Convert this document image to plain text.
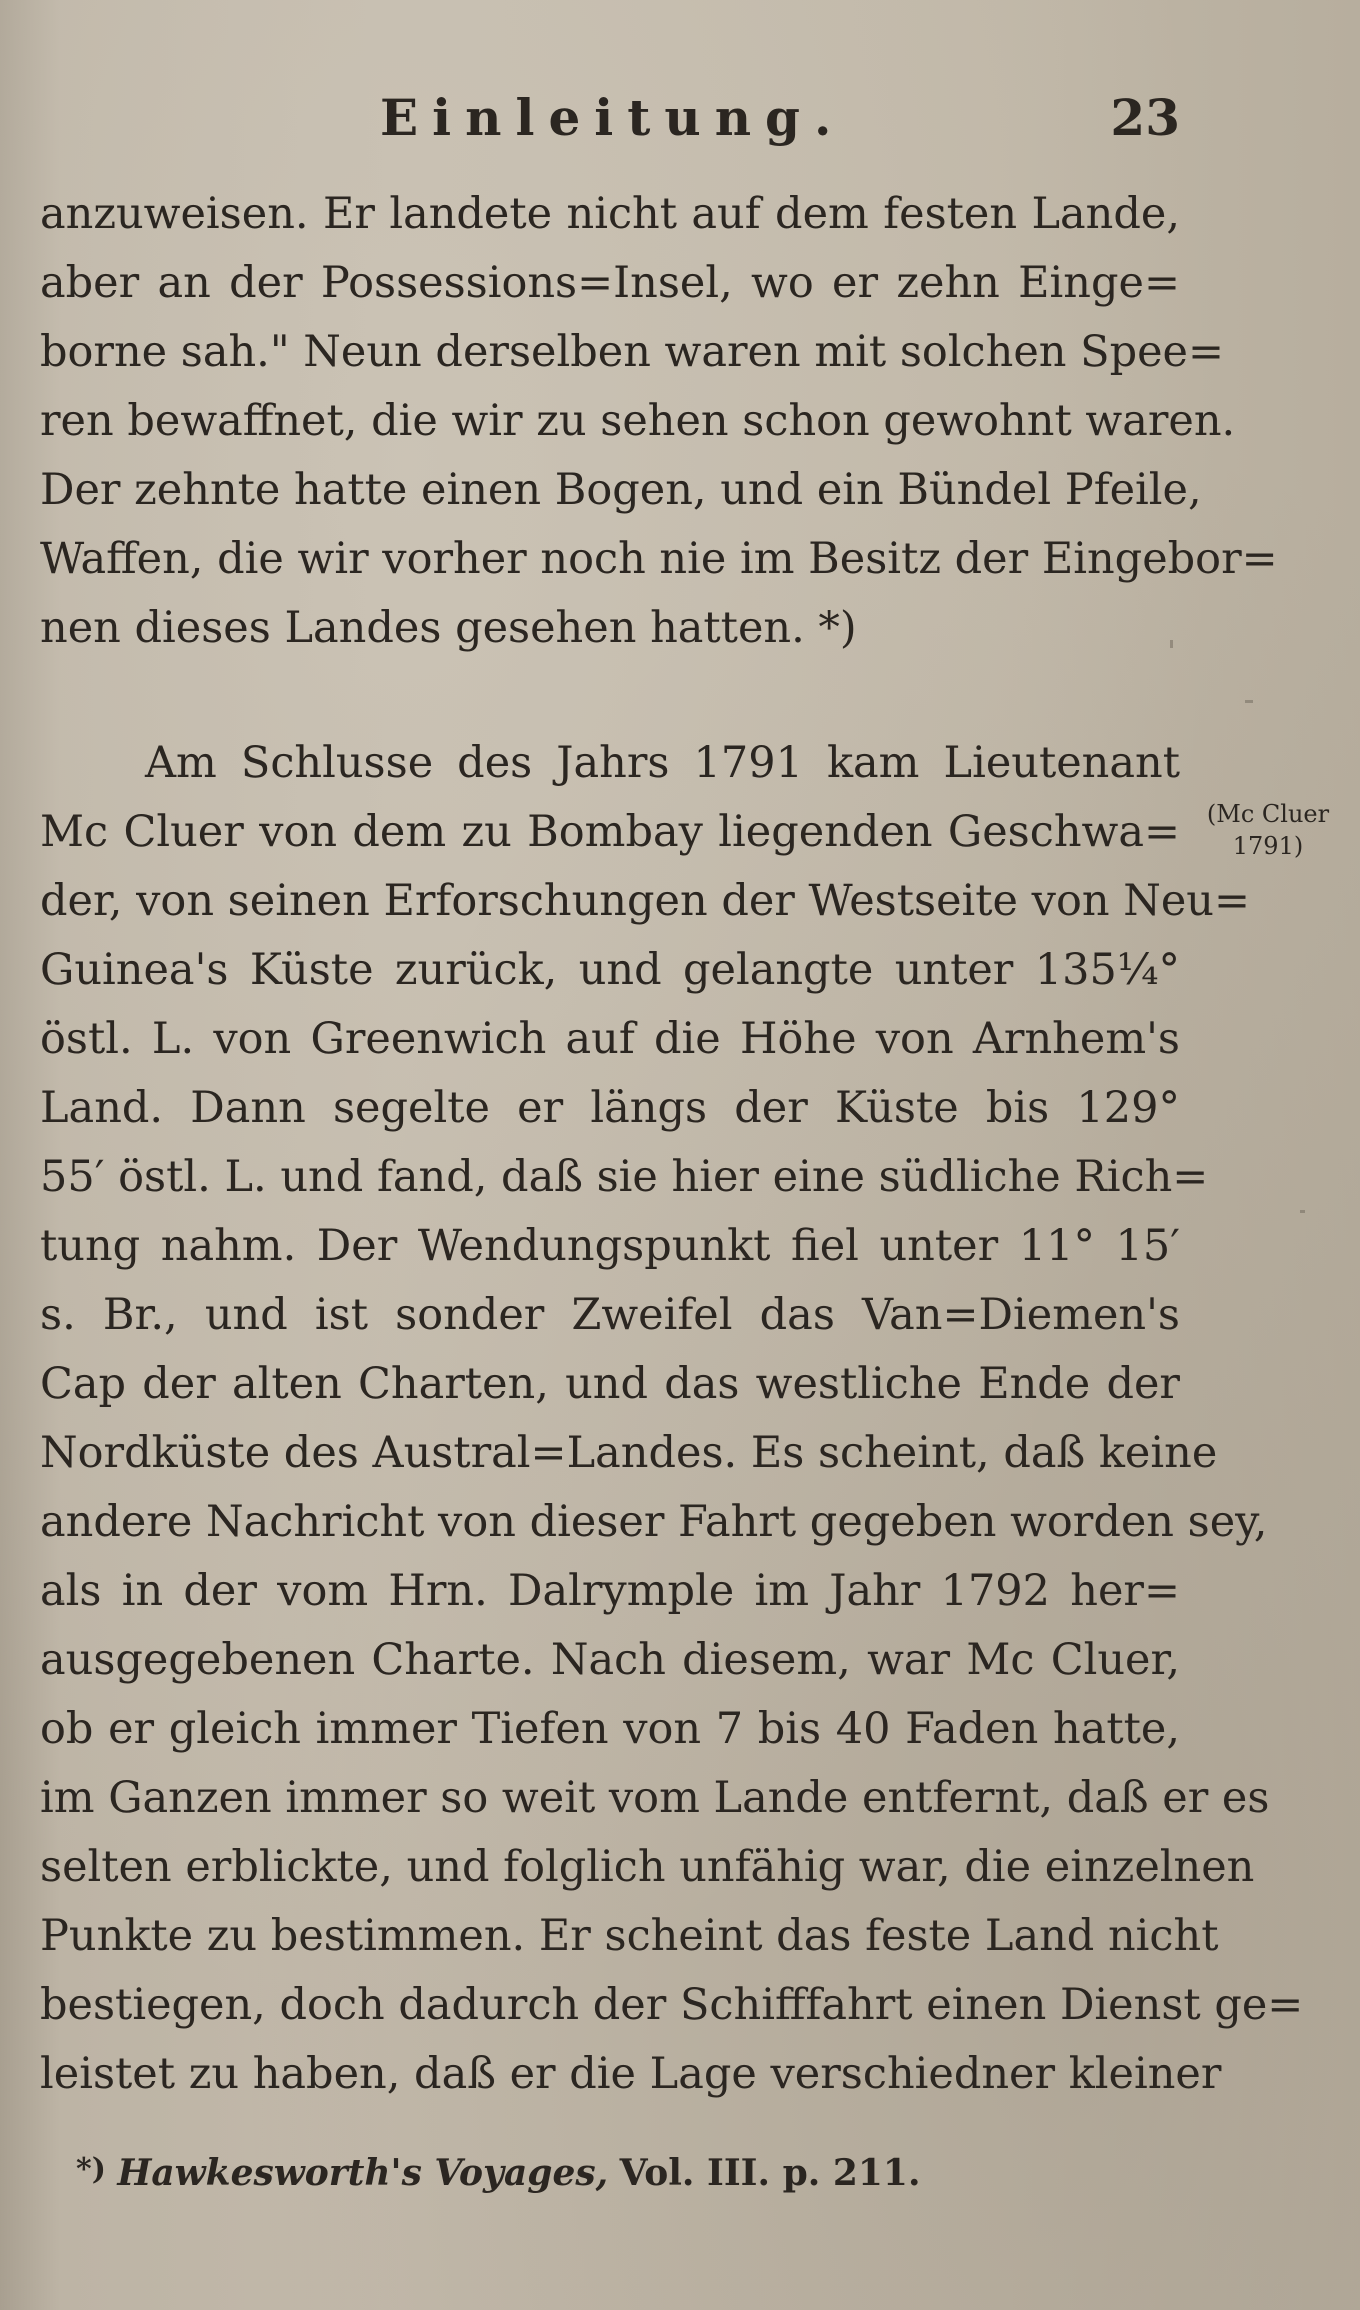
Einleitung.	23
anzuweisen. Er landete nicht auf dem festen Lande,
aber an der Possessions=Insel, wo er zehn Einge=
borne sah." Neun derselben waren mit solchen Spee=
ren bewaffnet, die wir zu sehen schon gewohnt waren.
Der zehnte hatte einen Bogen, und ein Bündel Pfeile,
Waffen, die wir vorher noch nie im Besitz der Eingebor=
nen dieses Landes gesehen hatten. *)
Am Schlusse des Jahrs 1791 kam Lieutenant
Mc Cluer von dem zu Bombay liegenden Geschwa=
der, von seinen Erforschungen der Westseite von Neu=
Guinea's Küste zurück, und gelangte unter 135¼°
östl. L. von Greenwich auf die Höhe von Arnhem's
Land. Dann segelte er längs der Küste bis 129°
55′ östl. L. und fand, daß sie hier eine südliche Rich=
tung nahm. Der Wendungspunkt fiel unter 11° 15′
s. Br., und ist sonder Zweifel das Van=Diemen's
Cap der alten Charten, und das westliche Ende der
Nordküste des Austral=Landes. Es scheint, daß keine
andere Nachricht von dieser Fahrt gegeben worden sey,
als in der vom Hrn. Dalrymple im Jahr 1792 her=
ausgegebenen Charte. Nach diesem, war Mc Cluer,
ob er gleich immer Tiefen von 7 bis 40 Faden hatte,
im Ganzen immer so weit vom Lande entfernt, daß er es
selten erblickte, und folglich unfähig war, die einzelnen
Punkte zu bestimmen. Er scheint das feste Land nicht
bestiegen, doch dadurch der Schifffahrt einen Dienst ge=
leistet zu haben, daß er die Lage verschiedner kleiner
(Mc Cluer
1791)
*) Hawkesworth's Voyages, Vol. III. p. 211.
